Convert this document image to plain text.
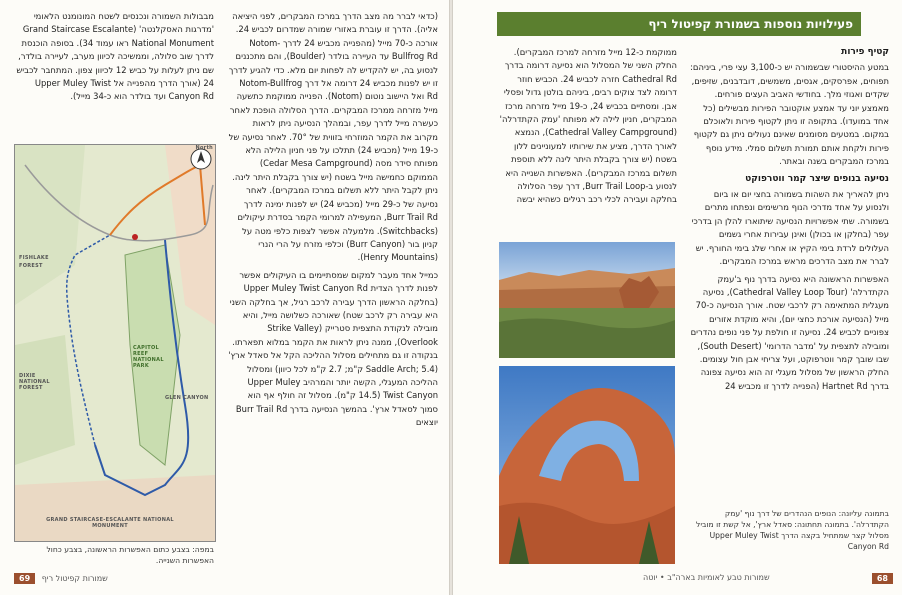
מבבולות השמורה ונכנסים לשטח המונומנט הלאומי 'מדרגות האסקלנטה' (Grand Staircase Escalante National Monument ראו עמוד 34). בסופה הוכנסת לדרך שוב סלולה, וממשיכה לכיוון מערב, לעיירה בולדר, שם ניתן לעלות על כביש 12 לכיוון צפון. המתחבר לכביש 24 (אורך הדרך מהפנייה אל Upper Muley Twist Canyon Rd ועד בולדר הוא כ-34 מייל).

North
FISHLAKE
FOREST
CAPITOL REEF NATIONAL PARK
DIXIE NATIONAL FOREST
GLEN CANYON
GRAND STAIRCASE-ESCALANTE NATIONAL MONUMENT
במפה: בצבע כתום האפשרות הראשונה, בצבע כחול האפשרות השנייה.

(כדאי לברר מה מצב הדרך במרכז המבקרים, לפני היציאה אליה). הדרך זו עוברת באזורי שמורה שמדרום לכביש 24. אורכה כ-70 מייל (מהפנייה מכביש 24 לדרך Notom-Bullfrog Rd עד העיירה בולדר (Boulder), והם מתכננים לנסוע בה, יש להקדיש לה לפחות יום מלא. כדי להגיע לדרך זו יש לפנות מכביש 24 דרומה אל דרך Notom-Bullfrog Rd ואל היישוב נוטום (Notom). הפנייה ממוקמת כתשעה מייל מזרחה ממרכז המבקרים. הדרך הסלולה הופכת לאחר כעשרה מייל לדרך עפר, ובמהלך הנסיעה ניתן לראות מקרוב את הקמר המוזרחי בזווית של 70°. לאחר נסיעה של כ-19 מייל (מכביש 24) תתלכו על פני חניון הלילה הלא מפותח סידר מסה (Cedar Mesa Campground) הממוקם כחמישה מייל בשטח (יש צורך בקבלת היתר לינה. ניתן לקבל היתר ללא תשלום במרכז המבקרים). לאחר נסיעה של כ-29 מייל (מכביש 24) יש לפנות ימינה לדרך Burr Trail Rd, המעפילה למרומי הקמר בסדרת עיקולים (Switchbacks). מלמעלה אפשר לצפות כלפי מטה על קניון בור (Burr Canyon) וכלפי מזרח על הרי הנרי (Henry Mountains).

כמייל אחד מעבר למקום שמסתיימים בו העיקולים אפשר לפנות לדרך הצדית Upper Muley Twist Canyon Rd (בחלקה הראשון הדרך עבירה לרכב רגיל, אך בחלקה השני היא עבירה רק לרכב שטח) שאורכה כשלושה מייל, והיא מובילה לנקודת התצפית סטרייק (Strike Valley Overlook), ממנה ניתן לראות את הקמר במלוא תפארתו. בנקודה זו גם מתחילים מסלול ההליכה הקל אל סאדל ארץ' (Saddle Arch; 5.4 ק"מ; 2.7 ק"מ לכל כיוון) ומסלול ההליכה המעגלי, הקשה יותר והמרהיב Upper Muley Twist Canyon (14.5 ק"מ). מסלול זה חולף אף הוא סמוך לסאדל ארץ'. בהמשך הנסיעה בדרך Burr Trail Rd יוצאים

69 שמורות קפיטול ריף
פעילויות נוספות בשמורת קפיטול ריף
קטיף פירות

במטע ההיסטורי שבשמורה יש כ-3,100 עצי פרי, ביניהם: תפוחים, אפרסקים, אגסים, משמשים, דובדבנים, שזיפים, שקדים ואגוזי מלך. בחודשי האביב העצים פורחים. מאמצע יוני עד אמצע אוקטובר הפירות מבשילים (כל אחד במועדו). בתקופה זו ניתן לקטוף פירות ולאוכלם במקום. במטעים מסומנים שאינם נעולים ניתן גם לקטוף פירות ולקחת אותם תמורת תשלום סמלי. מידע נוסף במרכז המבקרים בשנה ובאתר.

נסיעה בנופים שיצר קמר ווטרפוקט

ניתן להאריך את השהות בשמורה בחצי יום או ביום ולנסוע על אחד מדרכי הנוף מרשימים ונפתחו מתרים בשמורה. שתי אפשרויות הנסיעה שיתוארו להלן הן בדרכי עפר (בחלקן או בכולן) ואינן עבירות אחרי גשמים העלולים לרדת בימי הקיץ או אחרי שלג בימי החורף. יש לברר את מצב הדרכים מראש במרכז המבקרים.

האפשרות הראשונה היא נסיעה בדרך נוף ב'עמק הקתדרלה' (Cathedral Valley Loop Tour), נסיעה מעגלית המתאימה רק לרכבי שטח. אורך הנסיעה כ-70 מייל (הנסיעה אורכת כחצי יום), והיא מוקדת אזורים צפוניים לכביש 24. נסיעה זו חולפת על פני נופים נהדרים ומובילה לתצפית על 'מדבר הדרומי' (South Desert), שבו שובך קמר ווטרפוקט, ועל צריחי אבן חול עצומים. החלק הראשון של מסלול מעגלי זה הוא נסיעה צפונה בדרך Hartnet Rd (הפנייה לדרך זו מכביש 24

בתמונה עליונה: הנופים הנהדרים של דרך נוף 'עמק הקתדרלה'. בתמונה תחתונה: סאדל ארץ', אל קשת זו מוביל מסלול קצר שמתחיל בקצה הדרך Upper Muley Twist Canyon Rd

ממוקמת כ-12 מייל מזרחה למרכז המבקרים). החלק השני של המסלול הוא נסיעה דרומה בדרך Cathedral Rd חזרה לכביש 24. הכביש חוזר דרומה לצד צוקים רבים, ביניהם בולטן גדול ופסלי אבן. ומסתיים בכביש 24, כ-19 מייל מזרחה מרכז המבקרים, חניון לילה לא מפותח 'עמק הקתדרלה' (Cathedral Valley Campground), הנמצא לאורך הדרך, מציע את שירותיו למעוניינים ללון בשטח (יש צורך בקבלת היתר לינה ללא תוספת תשלום במרכז המבקרים). האפשרות השנייה היא לנסוע ב-Burr Trail Loop, דרך עפר הסלולה בחלקה ועבירה לכלי רכב רגילים כשהיא יבשה

68
שמורות טבע לאומיות בארה"ב • יוטה
